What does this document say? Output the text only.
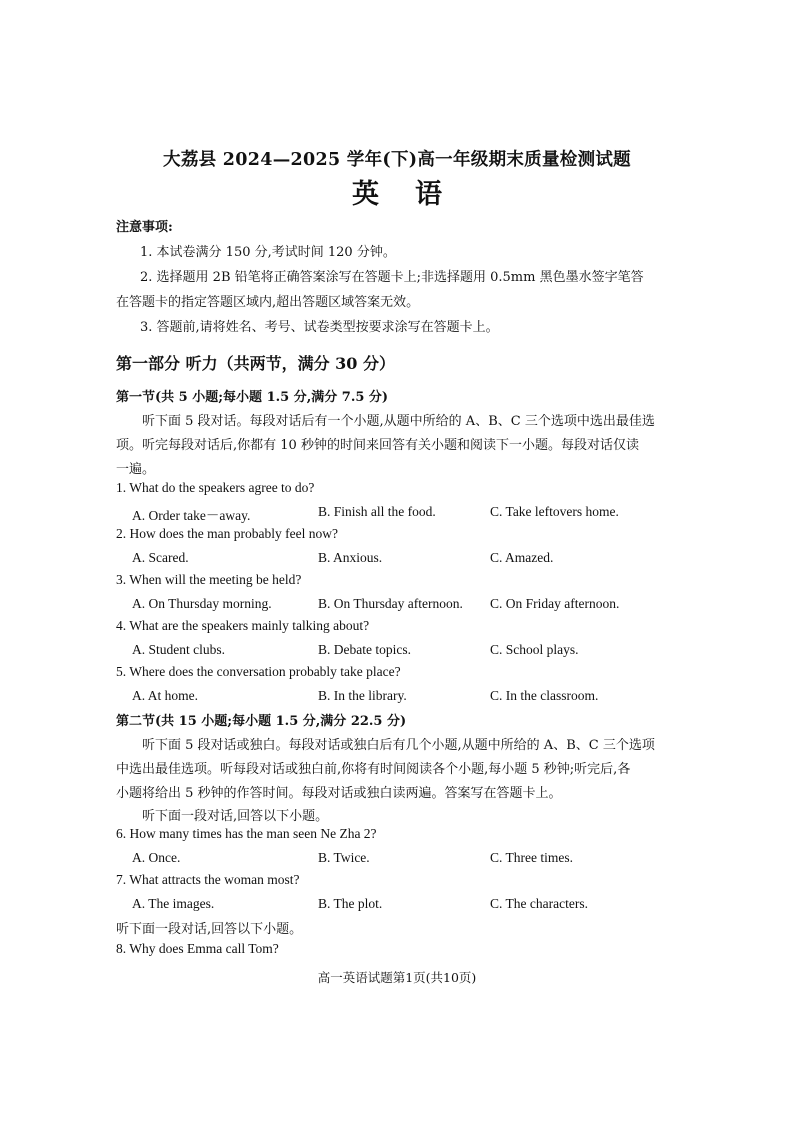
大荔县 2024—2025 学年(下)高一年级期末质量检测试题
英语
注意事项:
1. 本试卷满分 150 分,考试时间 120 分钟。
2. 选择题用 2B 铅笔将正确答案涂写在答题卡上;非选择题用 0.5mm 黑色墨水签字笔答
在答题卡的指定答题区域内,超出答题区域答案无效。
3. 答题前,请将姓名、考号、试卷类型按要求涂写在答题卡上。
第一部分 听力（共两节，满分 30 分）
第一节(共 5 小题;每小题 1.5 分,满分 7.5 分)
听下面 5 段对话。每段对话后有一个小题,从题中所给的 A、B、C 三个选项中选出最佳选
项。听完每段对话后,你都有 10 秒钟的时间来回答有关小题和阅读下一小题。每段对话仅读
一遍。
1. What do the speakers agree to do?
A. Order take－away.	B. Finish all the food.	C. Take leftovers home.
2. How does the man probably feel now?
A. Scared.	B. Anxious.	C. Amazed.
3. When will the meeting be held?
A. On Thursday morning.	B. On Thursday afternoon. C. On Friday afternoon.
4. What are the speakers mainly talking about?
A. Student clubs.	B. Debate topics.	C. School plays.
5. Where does the conversation probably take place?
A. At home.	B. In the library.	C. In the classroom.
第二节(共 15 小题;每小题 1.5 分,满分 22.5 分)
听下面 5 段对话或独白。每段对话或独白后有几个小题,从题中所给的 A、B、C 三个选项
中选出最佳选项。听每段对话或独白前,你将有时间阅读各个小题,每小题 5 秒钟;听完后,各
小题将给出 5 秒钟的作答时间。每段对话或独白读两遍。答案写在答题卡上。
听下面一段对话,回答以下小题。
6. How many times has the man seen Ne Zha 2?
A. Once.	B. Twice.	C. Three times.
7. What attracts the woman most?
A. The images.	B. The plot.	C. The characters.
听下面一段对话,回答以下小题。
8. Why does Emma call Tom?
高一英语试题第1页(共10页)
